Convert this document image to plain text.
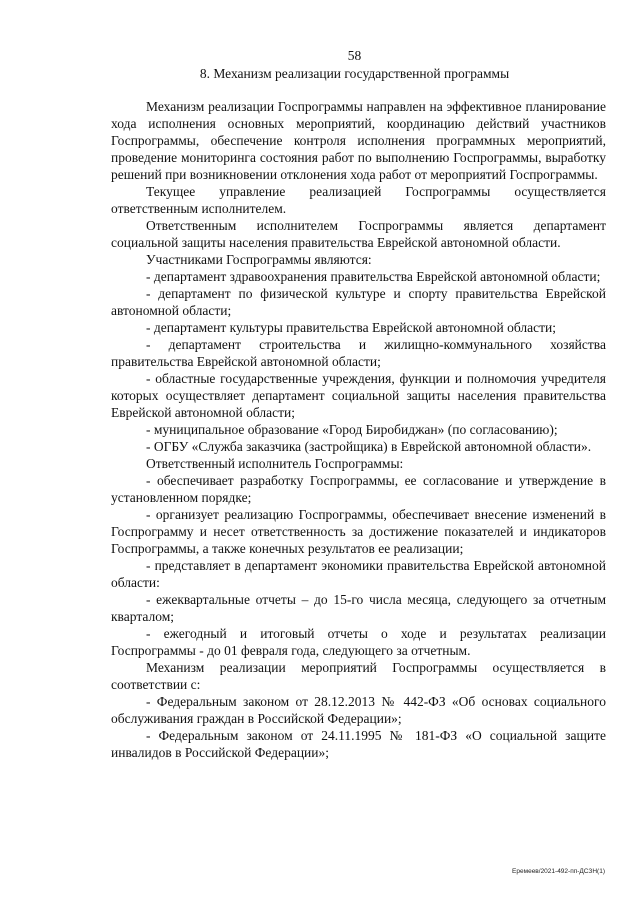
58
8. Механизм реализации государственной программы

Механизм реализации Госпрограммы направлен на эффективное планирование хода исполнения основных мероприятий, координацию действий участников Госпрограммы, обеспечение контроля исполнения программных мероприятий, проведение мониторинга состояния работ по выполнению Госпрограммы, выработку решений при возникновении отклонения хода работ от мероприятий Госпрограммы.

Текущее управление реализацией Госпрограммы осуществляется ответственным исполнителем.

Ответственным исполнителем Госпрограммы является департамент социальной защиты населения правительства Еврейской автономной области.

Участниками Госпрограммы являются:

- департамент здравоохранения правительства Еврейской автономной области;

- департамент по физической культуре и спорту правительства Еврейской автономной области;

- департамент культуры правительства Еврейской автономной области;

- департамент строительства и жилищно-коммунального хозяйства правительства Еврейской автономной области;

- областные государственные учреждения, функции и полномочия учредителя которых осуществляет департамент социальной защиты населения правительства Еврейской автономной области;

- муниципальное образование «Город Биробиджан» (по согласованию);

- ОГБУ «Служба заказчика (застройщика) в Еврейской автономной области».

Ответственный исполнитель Госпрограммы:

- обеспечивает разработку Госпрограммы, ее согласование и утверждение в установленном порядке;

- организует реализацию Госпрограммы, обеспечивает внесение изменений в Госпрограмму и несет ответственность за достижение показателей и индикаторов Госпрограммы, а также конечных результатов ее реализации;

- представляет в департамент экономики правительства Еврейской автономной области:

- ежеквартальные отчеты – до 15-го числа месяца, следующего за отчетным кварталом;

- ежегодный и итоговый отчеты о ходе и результатах реализации Госпрограммы - до 01 февраля года, следующего за отчетным.

Механизм реализации мероприятий Госпрограммы осуществляется в соответствии с:

- Федеральным законом от 28.12.2013 № 442-ФЗ «Об основах социального обслуживания граждан в Российской Федерации»;

- Федеральным законом от 24.11.1995 № 181-ФЗ «О социальной защите инвалидов в Российской Федерации»;

Еремеев/2021-492-пп-ДСЗН(1)
